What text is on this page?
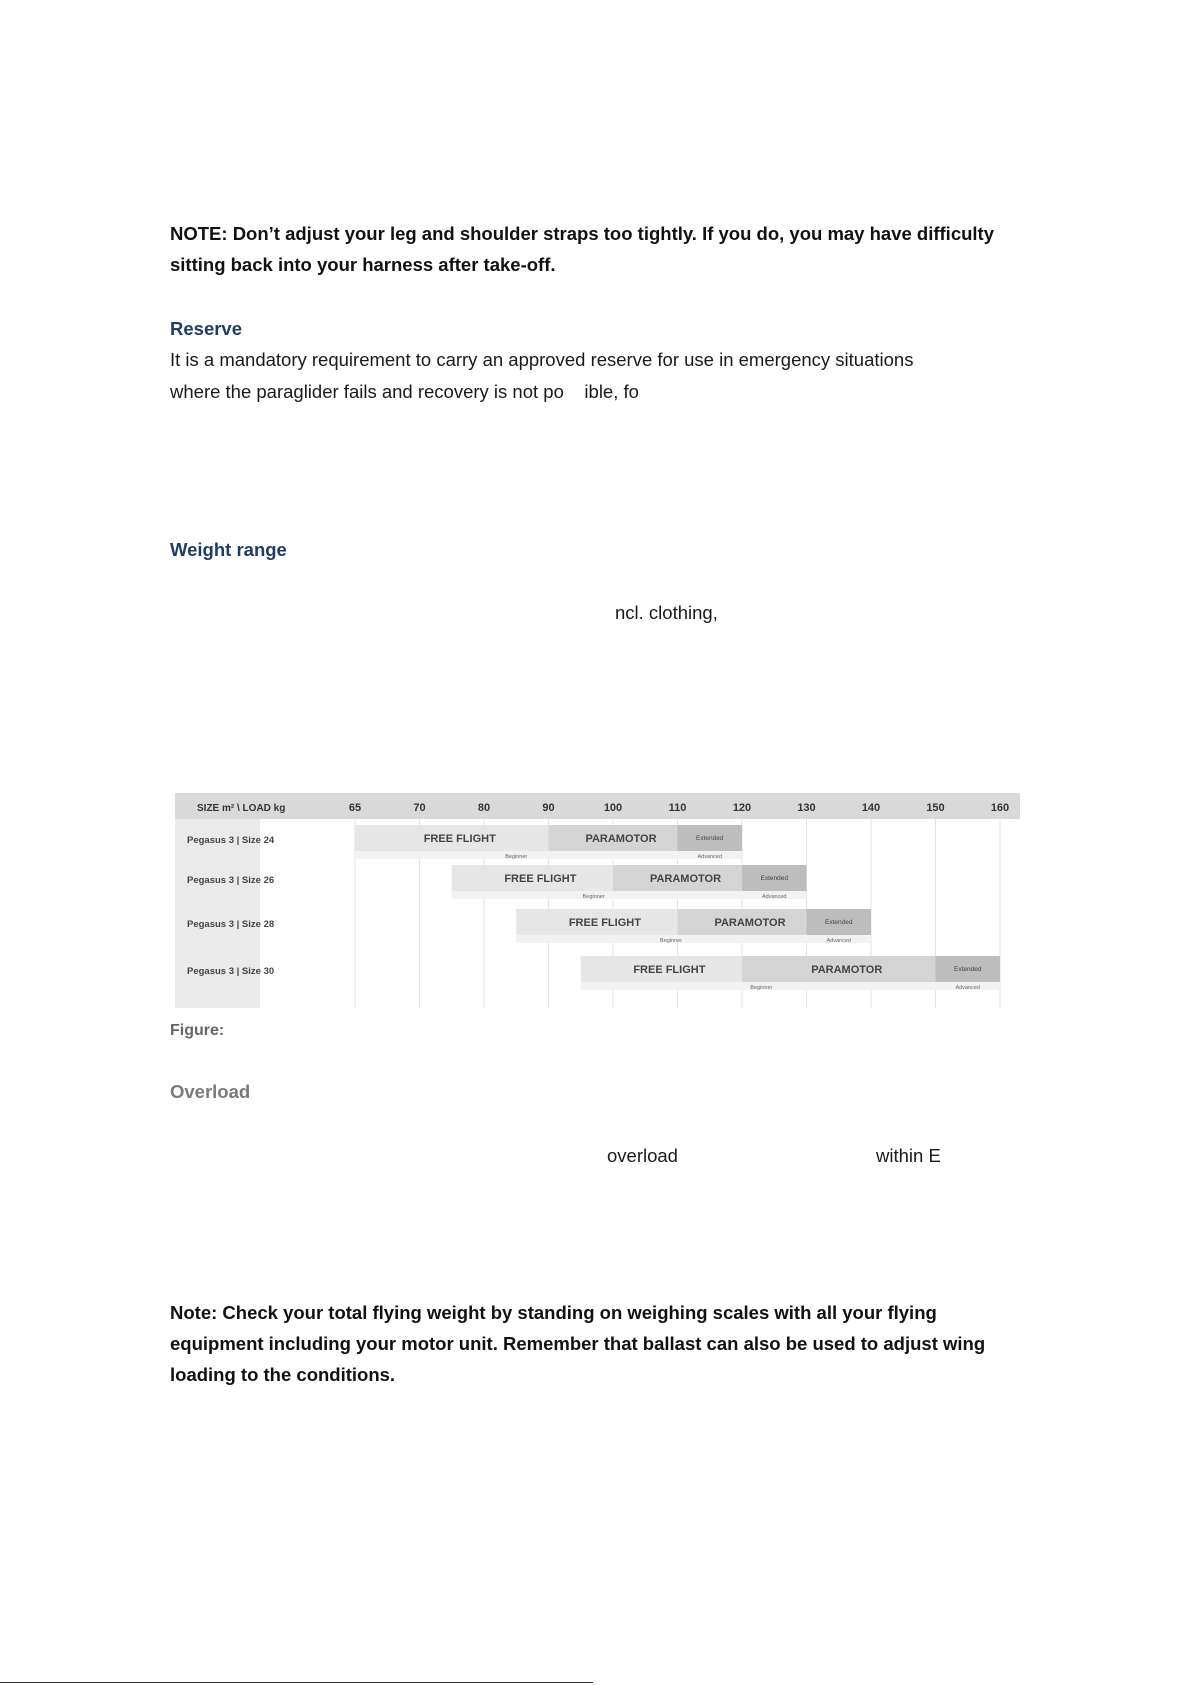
NOTE: Don’t adjust your leg and shoulder straps too tightly. If you do, you may have difficulty sitting back into your harness after take-off.
Reserve
It is a mandatory requirement to carry an approved reserve for use in emergency situations
where the paraglider fails and recovery is not po    ible, fo
Weight range
ncl. clothing,
SIZE m² \ LOAD kg	65	70	80	90	100	110	120	130	140	150	160
Pegasus 3 | Size 24	FREE FLIGHT	PARAMOTOR	Extended
Beginner	Advanced
Pegasus 3 | Size 26	FREE FLIGHT	PARAMOTOR	Extended
Beginner	Advanced
Pegasus 3 | Size 28	FREE FLIGHT	PARAMOTOR	Extended
Beginner	Advanced
Pegasus 3 | Size 30	FREE FLIGHT	PARAMOTOR	Extended
Beginner	Advanced
Figure:
Overload
overload	within E
Note: Check your total flying weight by standing on weighing scales with all your flying equipment including your motor unit. Remember that ballast can also be used to adjust wing loading to the conditions.
